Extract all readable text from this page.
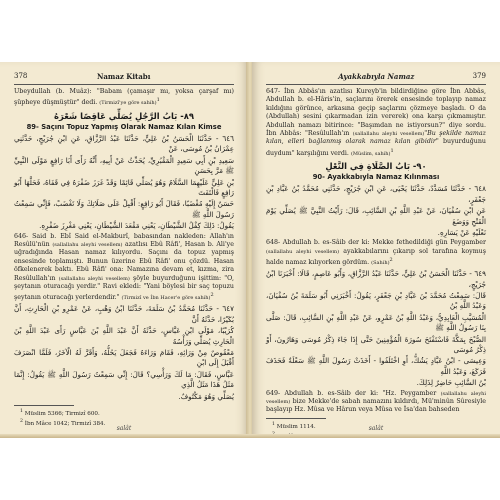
378	Namaz Kitabı

Ubeydullah (b. Muâz): "Babam (çamaşır mı, yoksa çarşaf mı) şüpheye düşmüştür" dedi. (Tirmizî'ye göre sahih)$^1$

٨٩- بَابُ الرَّجُلِ يُصَلِّي عَاقِصًا شَعْرَهُ
89- Saçını Topuz Yapmış Olarak Namaz Kılan Kimse
٦٤٦ - حَدَّثَنَا الْحَسَنُ بْنُ عَلِيٍّ، حَدَّثَنَا عَبْدُ الرَّزَّاقِ، عَنِ ابْنِ جُرَيْجٍ، حَدَّثَنِي عِمْرَانُ بْنُ مُوسَى، عَنْ
سَعِيدِ بْنِ أَبِي سَعِيدٍ الْمَقْبُرِيِّ، يُحَدِّثُ عَنْ أَبِيهِ، أَنَّهُ رَأَى أَبَا رَافِعٍ مَوْلَى النَّبِيِّ ﷺ مَرَّ بِحَسَنِ
بْنِ عَلِيٍّ عَلَيْهِمَا السَّلَامُ وَهُوَ يُصَلِّي قَائِمًا وَقَدْ غَرَزَ ضَفْرَهُ فِي قَفَاهُ، فَحَلَّهَا أَبُو رَافِعٍ فَالْتَفَتَ
حَسَنٌ إِلَيْهِ مُغْضَبًا، فَقَالَ أَبُو رَافِعٍ: أَقْبِلْ عَلَى صَلَاتِكَ وَلَا تَغْضَبْ، فَإِنِّي سَمِعْتُ رَسُولَ اللَّهِ ﷺ
يَقُولُ: ذَلِكَ كِفْلُ الشَّيْطَانِ، يَعْنِي مَقْعَدَ الشَّيْطَانِ، يَعْنِي مَغْرِزَ ضَفْرِهِ.

646- Said b. Ebî Said el-Makburî, babasından nakleden: Allah'ın Resûlü'nün (sallallahu aleyhi vesellem) azatlısı Ebû Râfi', Hasan b. Ali'ye uğradığında Hasan namaz kılıyordu. Saçını da topuz yapmış ensesinde toplamıştı. Bunun üzerine Ebû Râfi' onu çözdü. Hasan öfkelenerek baktı. Ebû Râfi' ona: Namazına devam et, kızma, zira Resûlullah'ın (sallallahu aleyhi vesellem) şöyle buyurduğunu işittim: "O, şeytanın oturacağı yerdir." Ravi ekledi: "Yani böylesi bir saç topuzu şeytanın oturacağı yerlerdendir." (Tirmizî ve İbn Hacer'e göre sahih)$^2$

٦٤٧ - حَدَّثَنَا مُحَمَّدُ بْنُ سَلَمَةَ، حَدَّثَنَا ابْنُ وَهْبٍ، عَنْ عَمْرِو بْنِ الْحَارِثِ، أَنَّ بُكَيْرًا، حَدَّثَهُ أَنَّ
كُرَيْبًا، مَوْلَى ابْنِ عَبَّاسٍ، حَدَّثَهُ أَنَّ عَبْدَ اللَّهِ بْنَ عَبَّاسٍ رَأَى عَبْدَ اللَّهِ بْنَ الْحَارِثِ يُصَلِّي وَرَأْسُهُ
مَعْقُوصٌ مِنْ وَرَائِهِ، فَقَامَ وَرَاءَهُ فَجَعَلَ يَحُلُّهُ، وَأَقَرَّ لَهُ الْآخَرُ، فَلَمَّا انْصَرَفَ أَقْبَلَ إِلَى ابْنِ
عَبَّاسٍ، فَقَالَ: مَا لَكَ وَرَأْسِي؟ قَالَ: إِنِّي سَمِعْتُ رَسُولَ اللَّهِ ﷺ يَقُولُ: إِنَّمَا مَثَلُ هَذَا مَثَلُ الَّذِي
يُصَلِّي وَهُوَ مَكْتُوفٌ.
$^1$ Müslim 5366; Tirmizî 600.
$^2$ İbn Mâce 1042; Tirmizî 384.
salât
Ayakkabıyla Namaz	379

647- İbn Abbâs'ın azatlısı Kureyb'in bildirdiğine göre İbn Abbâs, Abdullah b. el-Hâris'in, saçlarını örerek ensesinde toplayıp namaz kıldığını görünce, arkasına geçip saçlarını çözmeye başladı. O da (Abdullah) sesini çıkarmadan izin vererek) ona karşı çıkmamıştır. Abdullah namazı bitirince: "Başımdan ne istiyorsun?" diye sordu. İbn Abbâs: "Resûlullah'ın (sallallahu aleyhi vesellem)"Bu şekilde namaz kılan, elleri bağlanmış olarak namaz kılan gibidir" buyurduğunu duydum" karşılığını verdi. (Müslim, sahih)$^1$

٩٠- بَابُ الصَّلَاةِ فِي النَّعْلِ
90- Ayakkabıyla Namaz Kılınması
٦٤٨ - حَدَّثَنَا مُسَدَّدٌ، حَدَّثَنَا يَحْيَى، عَنِ ابْنِ جُرَيْجٍ، حَدَّثَنِي مُحَمَّدُ بْنُ عَبَّادِ بْنِ جَعْفَرٍ،
عَنِ ابْنِ سُفْيَانَ، عَنْ عَبْدِ اللَّهِ بْنِ السَّائِبِ، قَالَ: رَأَيْتُ النَّبِيَّ ﷺ يُصَلِّي يَوْمَ الْفَتْحِ وَوَضَعَ
نَعْلَيْهِ عَنْ يَسَارِهِ.

648- Abdullah b. es-Sâib der ki: Mekke fethedildiği gün Peygamber (sallallahu aleyhi vesellem) ayakkabılarını çıkarıp sol tarafına koymuş halde namaz kılıyorken gördüm. (Sahih)$^2$

٦٤٩ - حَدَّثَنَا الْحَسَنُ بْنُ عَلِيٍّ، حَدَّثَنَا عَبْدُ الرَّزَّاقِ، وَأَبُو عَاصِمٍ، قَالَا: أَخْبَرَنَا ابْنُ جُرَيْجٍ،
قَالَ: سَمِعْتُ مُحَمَّدَ بْنَ عَبَّادِ بْنِ جَعْفَرٍ، يَقُولُ: أَخْبَرَنِي أَبُو سَلَمَةَ بْنُ سُفْيَانَ، وَعَبْدُ اللَّهِ بْنُ
الْمُسَيَّبِ الْعَابِدِيُّ، وَعَبْدُ اللَّهِ بْنُ عَمْرٍو، عَنْ عَبْدِ اللَّهِ بْنِ السَّائِبِ، قَالَ: صَلَّى بِنَا رَسُولُ اللَّهِ ﷺ
الصُّبْحَ بِمَكَّةَ فَاسْتَفْتَحَ سُورَةَ الْمُؤْمِنِينَ حَتَّى إِذَا جَاءَ ذِكْرُ مُوسَى وَهَارُونَ، أَوْ ذِكْرُ مُوسَى
وَعِيسَى - ابْنُ عَبَّادٍ يَشُكُّ، أَوِ اخْتَلَفُوا - أَخَذَتْ رَسُولَ اللَّهِ ﷺ سَعْلَةٌ فَحَذَفَ فَرَكَعَ، وَعَبْدُ اللَّهِ
بْنُ السَّائِبِ حَاضِرٌ لِذَلِكَ.

649- Abdullah b. es-Sâib der ki: "Hz. Peygamber (sallallahu aleyhi vesellem) bize Mekke'de sabah namazını kıldırdı, Mü'minûn Sûresiyle başlayıp Hz. Mûsa ve Hârun veya Mûsa ve İsa'dan bahseden

$^1$ Müslim 1114.	salât
